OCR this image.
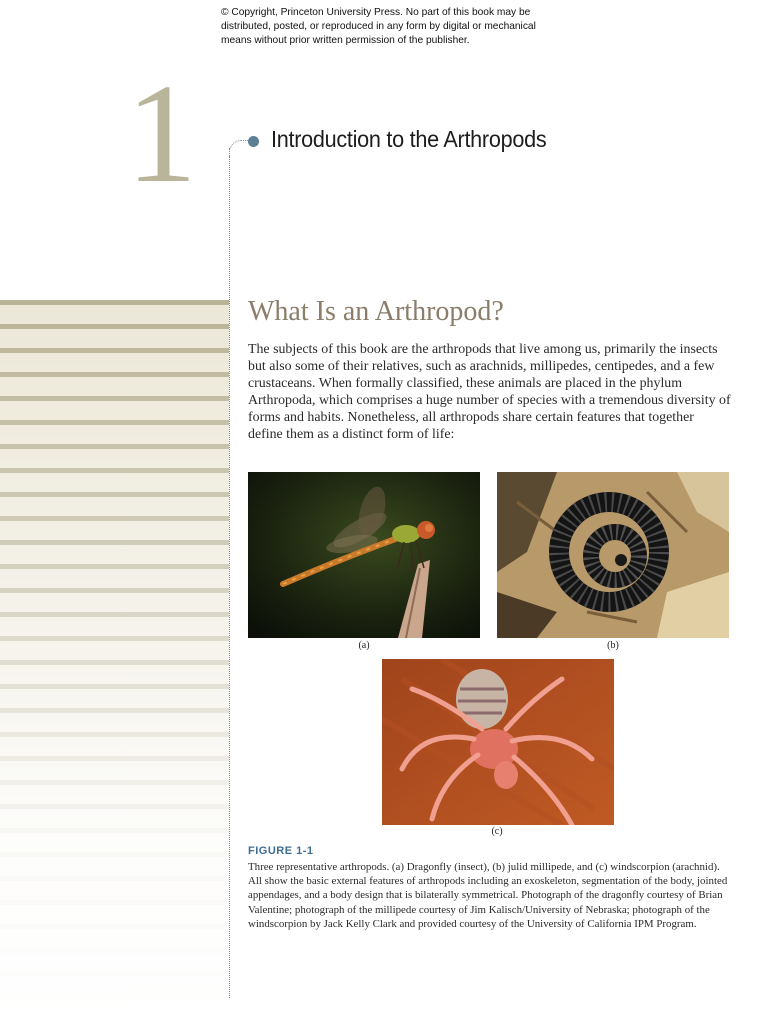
© Copyright, Princeton University Press. No part of this book may be distributed, posted, or reproduced in any form by digital or mechanical means without prior written permission of the publisher.
1	Introduction to the Arthropods
What Is an Arthropod?

The subjects of this book are the arthropods that live among us, primarily the insects but also some of their relatives, such as arachnids, millipedes, centipedes, and a few crustaceans. When formally classified, these animals are placed in the phylum Arthropoda, which comprises a huge number of species with a tremendous diversity of forms and habits. Nonetheless, all arthropods share certain features that together define them as a distinct form of life:

(a)	(b)
(c)
FIGURE 1-1

Three representative arthropods. (a) Dragonfly (insect), (b) julid millipede, and (c) windscorpion (arachnid). All show the basic external features of arthropods including an exoskeleton, segmentation of the body, jointed appendages, and a body design that is bilaterally symmetrical. Photograph of the dragonfly courtesy of Brian Valentine; photograph of the millipede courtesy of Jim Kalisch/University of Nebraska; photograph of the windscorpion by Jack Kelly Clark and provided courtesy of the University of California IPM Program.
